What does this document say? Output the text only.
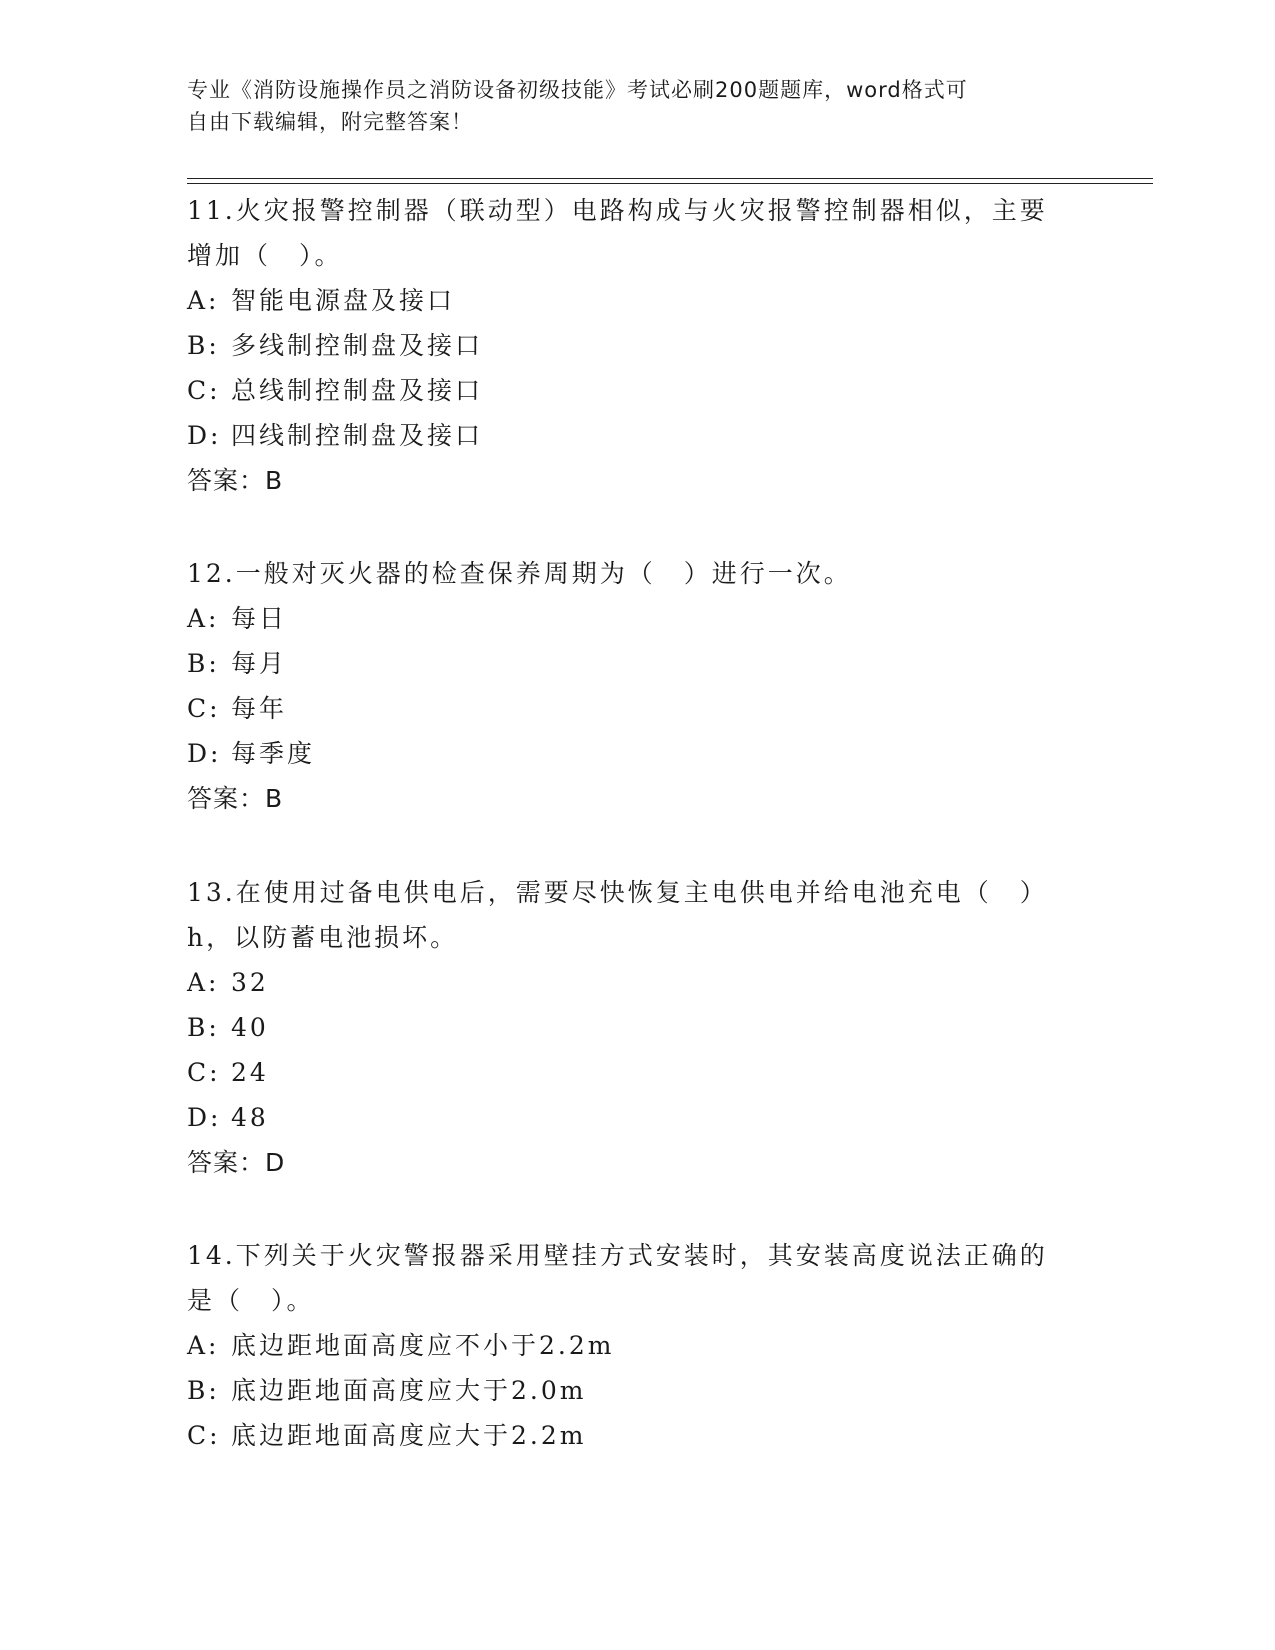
专业《消防设施操作员之消防设备初级技能》考试必刷200题题库，word格式可
自由下载编辑，附完整答案！
11.火灾报警控制器（联动型）电路构成与火灾报警控制器相似，主要
增加（　）。
A: 智能电源盘及接口
B: 多线制控制盘及接口
C: 总线制控制盘及接口
D: 四线制控制盘及接口
答案：B
12.一般对灭火器的检查保养周期为（　）进行一次。
A: 每日
B: 每月
C: 每年
D: 每季度
答案：B
13.在使用过备电供电后，需要尽快恢复主电供电并给电池充电（　）
h，以防蓄电池损坏。
A: 32
B: 40
C: 24
D: 48
答案：D
14.下列关于火灾警报器采用壁挂方式安装时，其安装高度说法正确的
是（　）。
A: 底边距地面高度应不小于2.2m
B: 底边距地面高度应大于2.0m
C: 底边距地面高度应大于2.2m
